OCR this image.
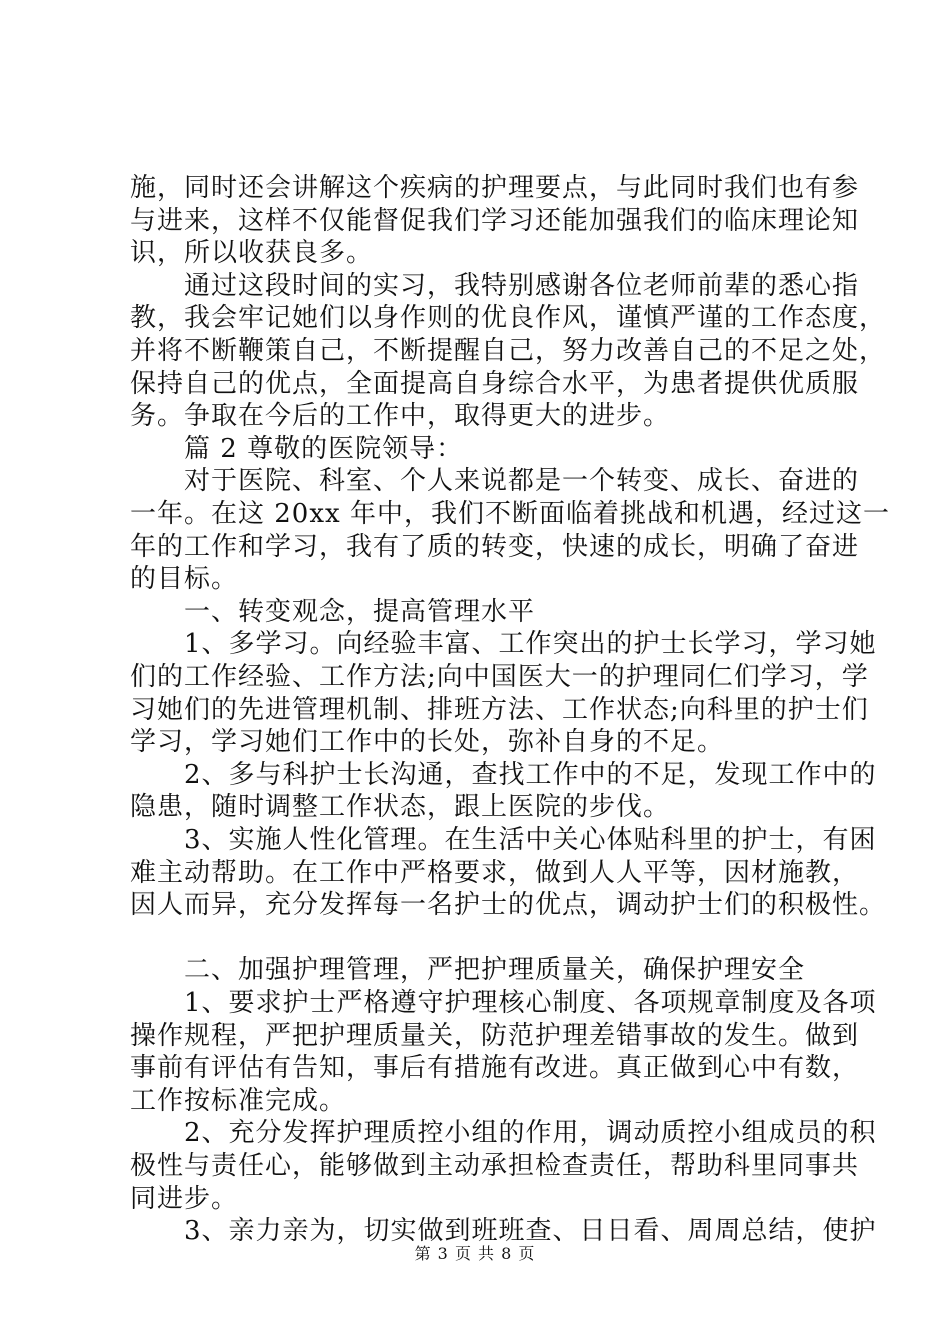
施，同时还会讲解这个疾病的护理要点，与此同时我们也有参
与进来，这样不仅能督促我们学习还能加强我们的临床理论知
识，所以收获良多。
　　通过这段时间的实习，我特别感谢各位老师前辈的悉心指
教，我会牢记她们以身作则的优良作风，谨慎严谨的工作态度，
并将不断鞭策自己，不断提醒自己，努力改善自己的不足之处，
保持自己的优点，全面提高自身综合水平，为患者提供优质服
务。争取在今后的工作中，取得更大的进步。
　　篇 2 尊敬的医院领导：
　　对于医院、科室、个人来说都是一个转变、成长、奋进的
一年。在这 20xx 年中，我们不断面临着挑战和机遇，经过这一
年的工作和学习，我有了质的转变，快速的成长，明确了奋进
的目标。
　　一、转变观念，提高管理水平
　　1、多学习。向经验丰富、工作突出的护士长学习，学习她
们的工作经验、工作方法;向中国医大一的护理同仁们学习，学
习她们的先进管理机制、排班方法、工作状态;向科里的护士们
学习，学习她们工作中的长处，弥补自身的不足。
　　2、多与科护士长沟通，查找工作中的不足，发现工作中的
隐患，随时调整工作状态，跟上医院的步伐。
　　3、实施人性化管理。在生活中关心体贴科里的护士，有困
难主动帮助。在工作中严格要求，做到人人平等，因材施教，
因人而异，充分发挥每一名护士的优点，调动护士们的积极性。
　　二、加强护理管理，严把护理质量关，确保护理安全
　　1、要求护士严格遵守护理核心制度、各项规章制度及各项
操作规程，严把护理质量关，防范护理差错事故的发生。做到
事前有评估有告知，事后有措施有改进。真正做到心中有数，
工作按标准完成。
　　2、充分发挥护理质控小组的作用，调动质控小组成员的积
极性与责任心，能够做到主动承担检查责任，帮助科里同事共
同进步。
　　3、亲力亲为，切实做到班班查、日日看、周周总结，使护
第 3 页 共 8 页
